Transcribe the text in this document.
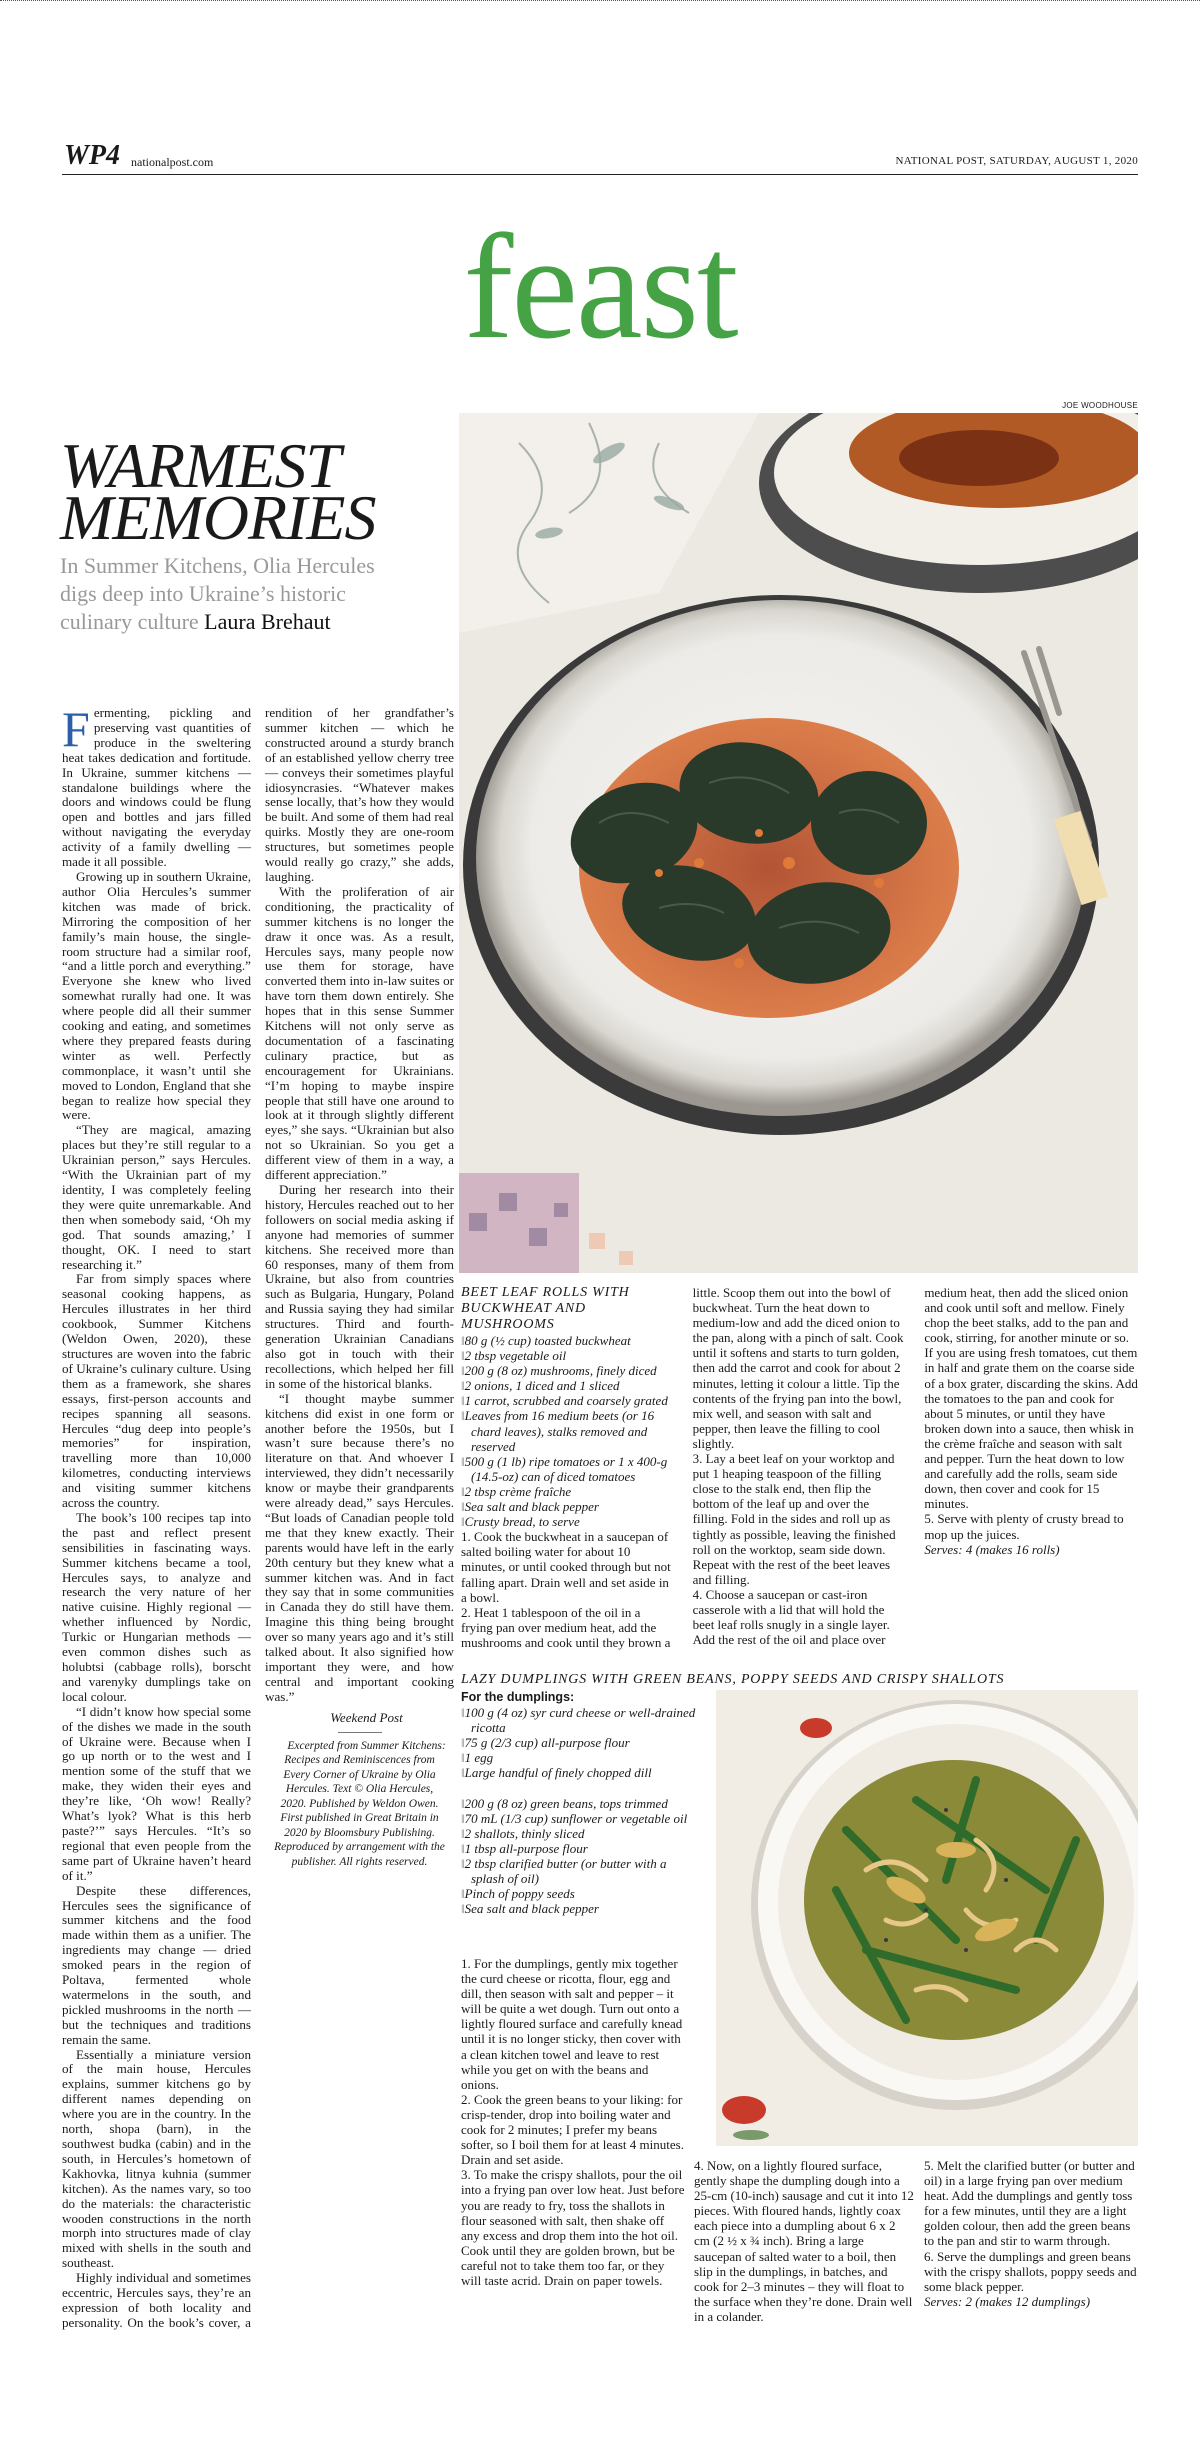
WP4 nationalpost.com	NATIONAL POST, SATURDAY, AUGUST 1, 2020
feast
JOE WOODHOUSE
WARMEST
MEMORIES
In Summer Kitchens, Olia Hercules digs deep into Ukraine’s historic culinary culture Laura Brehaut

Fermenting, pickling and preserving vast quantities of produce in the sweltering heat takes dedication and fortitude. In Ukraine, summer kitchens — standalone buildings where the doors and windows could be flung open and bottles and jars filled without navigating the everyday activity of a family dwelling — made it all possible.

Growing up in southern Ukraine, author Olia Hercules’s summer kitchen was made of brick. Mirroring the composition of her family’s main house, the single-room structure had a similar roof, “and a little porch and everything.” Everyone she knew who lived somewhat rurally had one. It was where people did all their summer cooking and eating, and sometimes where they prepared feasts during winter as well. Perfectly commonplace, it wasn’t until she moved to London, England that she began to realize how special they were.

“They are magical, amazing places but they’re still regular to a Ukrainian person,” says Hercules. “With the Ukrainian part of my identity, I was completely feeling they were quite unremarkable. And then when somebody said, ‘Oh my god. That sounds amazing,’ I thought, OK. I need to start researching it.”

Far from simply spaces where seasonal cooking happens, as Hercules illustrates in her third cookbook, Summer Kitchens (Weldon Owen, 2020), these structures are woven into the fabric of Ukraine’s culinary culture. Using them as a framework, she shares essays, first-person accounts and recipes spanning all seasons. Hercules “dug deep into people’s memories” for inspiration, travelling more than 10,000 kilometres, conducting interviews and visiting summer kitchens across the country.

The book’s 100 recipes tap into the past and reflect present sensibilities in fascinating ways. Summer kitchens became a tool, Hercules says, to analyze and research the very nature of her native cuisine. Highly regional — whether influenced by Nordic, Turkic or Hungarian methods — even common dishes such as holubtsi (cabbage rolls), borscht and varenyky dumplings take on local colour.

“I didn’t know how special some of the dishes we made in the south of Ukraine were. Because when I go up north or to the west and I mention some of the stuff that we make, they widen their eyes and they’re like, ‘Oh wow! Really? What’s lyok? What is this herb paste?’” says Hercules. “It’s so regional that even people from the same part of Ukraine haven’t heard of it.”

Despite these differences, Hercules sees the significance of summer kitchens and the food made within them as a unifier. The ingredients may change — dried smoked pears in the region of Poltava, fermented whole watermelons in the south, and pickled mushrooms in the north — but the techniques and traditions remain the same.

Essentially a miniature version of the main house, Hercules explains, summer kitchens go by different names depending on where you are in the country. In the north, shopa (barn), in the southwest budka (cabin) and in the south, in Hercules’s hometown of Kakhovka, litnya kuhnia (summer kitchen). As the names vary, so too do the materials: the characteristic wooden constructions in the north morph into structures made of clay mixed with shells in the south and southeast.

Highly individual and sometimes eccentric, Hercules says, they’re an expression of both locality and personality. On the book’s cover, a rendition of her grandfather’s summer kitchen — which he constructed around a sturdy branch of an established yellow cherry tree — conveys their sometimes playful idiosyncrasies. “Whatever makes sense locally, that’s how they would be built. And some of them had real quirks. Mostly they are one-room structures, but sometimes people would really go crazy,” she adds, laughing.

With the proliferation of air conditioning, the practicality of summer kitchens is no longer the draw it once was. As a result, Hercules says, many people now use them for storage, have converted them into in-law suites or have torn them down entirely. She hopes that in this sense Summer Kitchens will not only serve as documentation of a fascinating culinary practice, but as encouragement for Ukrainians. “I’m hoping to maybe inspire people that still have one around to look at it through slightly different eyes,” she says. “Ukrainian but also not so Ukrainian. So you get a different view of them in a way, a different appreciation.”

During her research into their history, Hercules reached out to her followers on social media asking if anyone had memories of summer kitchens. She received more than 60 responses, many of them from Ukraine, but also from countries such as Bulgaria, Hungary, Poland and Russia saying they had similar structures. Third and fourth-generation Ukrainian Canadians also got in touch with their recollections, which helped her fill in some of the historical blanks.

“I thought maybe summer kitchens did exist in one form or another before the 1950s, but I wasn’t sure because there’s no literature on that. And whoever I interviewed, they didn’t necessarily know or maybe their grandparents were already dead,” says Hercules. “But loads of Canadian people told me that they knew exactly. Their parents would have left in the early 20th century but they knew what a summer kitchen was. And in fact they say that in some communities in Canada they do still have them. Imagine this thing being brought over so many years ago and it’s still talked about. It also signified how important they were, and how central and important cooking was.”

Weekend Post

Excerpted from Summer Kitchens: Recipes and Reminiscences from Every Corner of Ukraine by Olia Hercules. Text © Olia Hercules, 2020. Published by Weldon Owen. First published in Great Britain in 2020 by Bloomsbury Publishing. Reproduced by arrangement with the publisher. All rights reserved.

BEET LEAF ROLLS WITH BUCKWHEAT AND MUSHROOMS
‖ 80 g (½ cup) toasted buckwheat
‖ 2 tbsp vegetable oil
‖ 200 g (8 oz) mushrooms, finely diced
‖ 2 onions, 1 diced and 1 sliced
‖ 1 carrot, scrubbed and coarsely grated
‖ Leaves from 16 medium beets (or 16 chard leaves), stalks removed and reserved
‖ 500 g (1 lb) ripe tomatoes or 1 x 400-g (14.5-oz) can of diced tomatoes
‖ 2 tbsp crème fraîche
‖ Sea salt and black pepper
‖ Crusty bread, to serve
1. Cook the buckwheat in a saucepan of salted boiling water for about 10 minutes, or until cooked through but not falling apart. Drain well and set aside in a bowl.
2. Heat 1 tablespoon of the oil in a frying pan over medium heat, add the mushrooms and cook until they brown a little. Scoop them out into the bowl of buckwheat. Turn the heat down to medium-low and add the diced onion to the pan, along with a pinch of salt. Cook until it softens and starts to turn golden, then add the carrot and cook for about 2 minutes, letting it colour a little. Tip the contents of the frying pan into the bowl, mix well, and season with salt and pepper, then leave the filling to cool slightly.
3. Lay a beet leaf on your worktop and put 1 heaping teaspoon of the filling close to the stalk end, then flip the bottom of the leaf up and over the filling. Fold in the sides and roll up as tightly as possible, leaving the finished roll on the worktop, seam side down. Repeat with the rest of the beet leaves and filling.
4. Choose a saucepan or cast-iron casserole with a lid that will hold the beet leaf rolls snugly in a single layer. Add the rest of the oil and place over medium heat, then add the sliced onion and cook until soft and mellow. Finely chop the beet stalks, add to the pan and cook, stirring, for another minute or so. If you are using fresh tomatoes, cut them in half and grate them on the coarse side of a box grater, discarding the skins. Add the tomatoes to the pan and cook for about 5 minutes, or until they have broken down into a sauce, then whisk in the crème fraîche and season with salt and pepper. Turn the heat down to low and carefully add the rolls, seam side down, then cover and cook for 15 minutes.
5. Serve with plenty of crusty bread to mop up the juices.
Serves: 4 (makes 16 rolls)
LAZY DUMPLINGS WITH GREEN BEANS, POPPY SEEDS AND CRISPY SHALLOTS
For the dumplings:
‖ 100 g (4 oz) syr curd cheese or well-drained ricotta
‖ 75 g (2/3 cup) all-purpose flour
‖ 1 egg
‖ Large handful of finely chopped dill
‖ 200 g (8 oz) green beans, tops trimmed
‖ 70 mL (1/3 cup) sunflower or vegetable oil
‖ 2 shallots, thinly sliced
‖ 1 tbsp all-purpose flour
‖ 2 tbsp clarified butter (or butter with a splash of oil)
‖ Pinch of poppy seeds
‖ Sea salt and black pepper

1. For the dumplings, gently mix together the curd cheese or ricotta, flour, egg and dill, then season with salt and pepper – it will be quite a wet dough. Turn out onto a lightly floured surface and carefully knead until it is no longer sticky, then cover with a clean kitchen towel and leave to rest while you get on with the beans and onions.

2. Cook the green beans to your liking: for crisp-tender, drop into boiling water and cook for 2 minutes; I prefer my beans softer, so I boil them for at least 4 minutes. Drain and set aside.

3. To make the crispy shallots, pour the oil into a frying pan over low heat. Just before you are ready to fry, toss the shallots in flour seasoned with salt, then shake off any excess and drop them into the hot oil. Cook until they are golden brown, but be careful not to take them too far, or they will taste acrid. Drain on paper towels.

4. Now, on a lightly floured surface, gently shape the dumpling dough into a 25-cm (10-inch) sausage and cut it into 12 pieces. With floured hands, lightly coax each piece into a dumpling about 6 x 2 cm (2 ½ x ¾ inch). Bring a large saucepan of salted water to a boil, then slip in the dumplings, in batches, and cook for 2–3 minutes – they will float to the surface when they’re done. Drain well in a colander.

5. Melt the clarified butter (or butter and oil) in a large frying pan over medium heat. Add the dumplings and gently toss for a few minutes, until they are a light golden colour, then add the green beans to the pan and stir to warm through.

6. Serve the dumplings and green beans with the crispy shallots, poppy seeds and some black pepper.

Serves: 2 (makes 12 dumplings)
